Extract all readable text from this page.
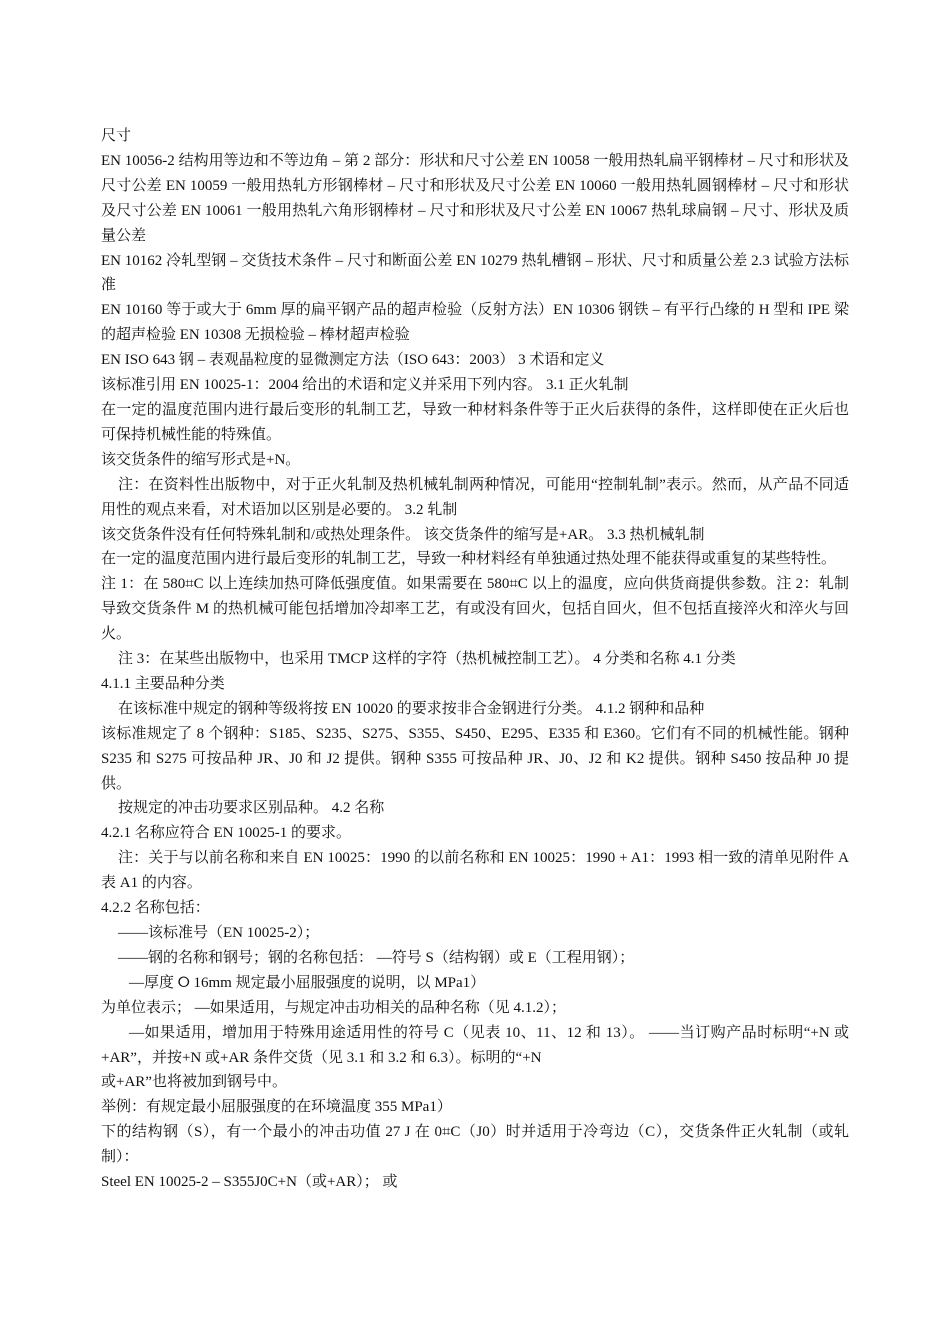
尺寸

EN 10056-2 结构用等边和不等边角 – 第 2 部分：形状和尺寸公差 EN 10058 一般用热轧扁平钢棒材 – 尺寸和形状及尺寸公差 EN 10059 一般用热轧方形钢棒材 – 尺寸和形状及尺寸公差 EN 10060 一般用热轧圆钢棒材 – 尺寸和形状及尺寸公差 EN 10061 一般用热轧六角形钢棒材 – 尺寸和形状及尺寸公差 EN 10067 热轧球扁钢 – 尺寸、形状及质量公差

EN 10162 冷轧型钢 – 交货技术条件 – 尺寸和断面公差 EN 10279 热轧槽钢 – 形状、尺寸和质量公差 2.3 试验方法标准

EN 10160 等于或大于 6mm 厚的扁平钢产品的超声检验（反射方法）EN 10306 钢铁 – 有平行凸缘的 H 型和 IPE 梁的超声检验 EN 10308 无损检验 – 棒材超声检验

EN ISO 643 钢 – 表观晶粒度的显微测定方法（ISO 643：2003） 3 术语和定义

该标准引用 EN 10025-1：2004 给出的术语和定义并采用下列内容。 3.1 正火轧制

在一定的温度范围内进行最后变形的轧制工艺，导致一种材料条件等于正火后获得的条件，这样即使在正火后也可保持机械性能的特殊值。

该交货条件的缩写形式是+N。

注：在资料性出版物中，对于正火轧制及热机械轧制两种情况，可能用“控制轧制”表示。然而，从产品不同适用性的观点来看，对术语加以区别是必要的。 3.2 轧制

该交货条件没有任何特殊轧制和/或热处理条件。 该交货条件的缩写是+AR。 3.3 热机械轧制

在一定的温度范围内进行最后变形的轧制工艺，导致一种材料经有单独通过热处理不能获得或重复的某些特性。

注 1：在 580⌗C 以上连续加热可降低强度值。如果需要在 580⌗C 以上的温度，应向供货商提供参数。注 2：轧制导致交货条件 M 的热机械可能包括增加冷却率工艺，有或没有回火，包括自回火，但不包括直接淬火和淬火与回火。

注 3：在某些出版物中，也采用 TMCP 这样的字符（热机械控制工艺）。 4 分类和名称 4.1 分类

4.1.1 主要品种分类

在该标准中规定的钢种等级将按 EN 10020 的要求按非合金钢进行分类。 4.1.2 钢种和品种

该标准规定了 8 个钢种：S185、S235、S275、S355、S450、E295、E335 和 E360。它们有不同的机械性能。钢种 S235 和 S275 可按品种 JR、J0 和 J2 提供。钢种 S355 可按品种 JR、J0、J2 和 K2 提供。钢种 S450 按品种 J0 提供。

按规定的冲击功要求区别品种。 4.2 名称

4.2.1 名称应符合 EN 10025-1 的要求。

注：关于与以前名称和来自 EN 10025：1990 的以前名称和 EN 10025：1990 + A1：1993 相一致的清单见附件 A 表 A1 的内容。

4.2.2 名称包括：

——该标准号（EN 10025-2）；

——钢的名称和钢号；钢的名称包括： —符号 S（结构钢）或 E（工程用钢）；

—厚度 ⭘ 16mm 规定最小屈服强度的说明，以 MPa1）

为单位表示； —如果适用，与规定冲击功相关的品种名称（见 4.1.2）；

—如果适用，增加用于特殊用途适用性的符号 C（见表 10、11、12 和 13）。 ——当订购产品时标明“+N 或+AR”，并按+N 或+AR 条件交货（见 3.1 和 3.2 和 6.3）。标明的“+N

或+AR”也将被加到钢号中。

举例：有规定最小屈服强度的在环境温度 355 MPa1）

下的结构钢（S），有一个最小的冲击功值 27 J 在 0⌗C（J0）时并适用于冷弯边（C），交货条件正火轧制（或轧制）：

Steel EN 10025-2 – S355J0C+N（或+AR）； 或
